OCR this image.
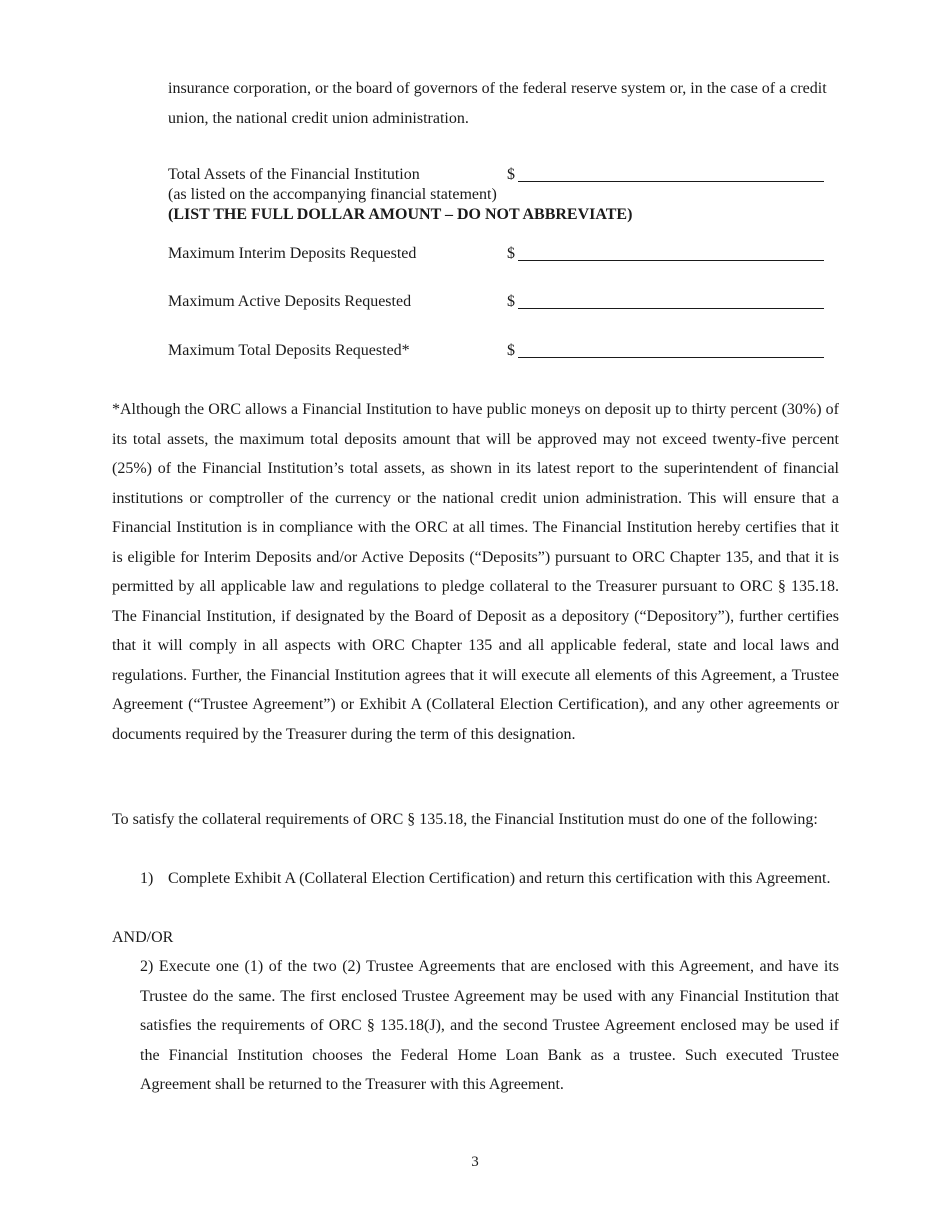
insurance corporation, or the board of governors of the federal reserve system or, in the case of a credit union, the national credit union administration.

Total Assets of the Financial Institution	$
(as listed on the accompanying financial statement)
(LIST THE FULL DOLLAR AMOUNT – DO NOT ABBREVIATE)
Maximum Interim Deposits Requested	$
Maximum Active Deposits Requested	$
Maximum Total Deposits Requested*	$

*Although the ORC allows a Financial Institution to have public moneys on deposit up to thirty percent (30%) of its total assets, the maximum total deposits amount that will be approved may not exceed twenty-five percent (25%) of the Financial Institution’s total assets, as shown in its latest report to the superintendent of financial institutions or comptroller of the currency or the national credit union administration. This will ensure that a Financial Institution is in compliance with the ORC at all times. The Financial Institution hereby certifies that it is eligible for Interim Deposits and/or Active Deposits (“Deposits”) pursuant to ORC Chapter 135, and that it is permitted by all applicable law and regulations to pledge collateral to the Treasurer pursuant to ORC § 135.18. The Financial Institution, if designated by the Board of Deposit as a depository (“Depository”), further certifies that it will comply in all aspects with ORC Chapter 135 and all applicable federal, state and local laws and regulations. Further, the Financial Institution agrees that it will execute all elements of this Agreement, a Trustee Agreement (“Trustee Agreement”) or Exhibit A (Collateral Election Certification), and any other agreements or documents required by the Treasurer during the term of this designation.

To satisfy the collateral requirements of ORC § 135.18, the Financial Institution must do one of the following:

1) Complete Exhibit A (Collateral Election Certification) and return this certification with this Agreement.
AND/OR

2) Execute one (1) of the two (2) Trustee Agreements that are enclosed with this Agreement, and have its Trustee do the same. The first enclosed Trustee Agreement may be used with any Financial Institution that satisfies the requirements of ORC § 135.18(J), and the second Trustee Agreement enclosed may be used if the Financial Institution chooses the Federal Home Loan Bank as a trustee. Such executed Trustee Agreement shall be returned to the Treasurer with this Agreement.

3
